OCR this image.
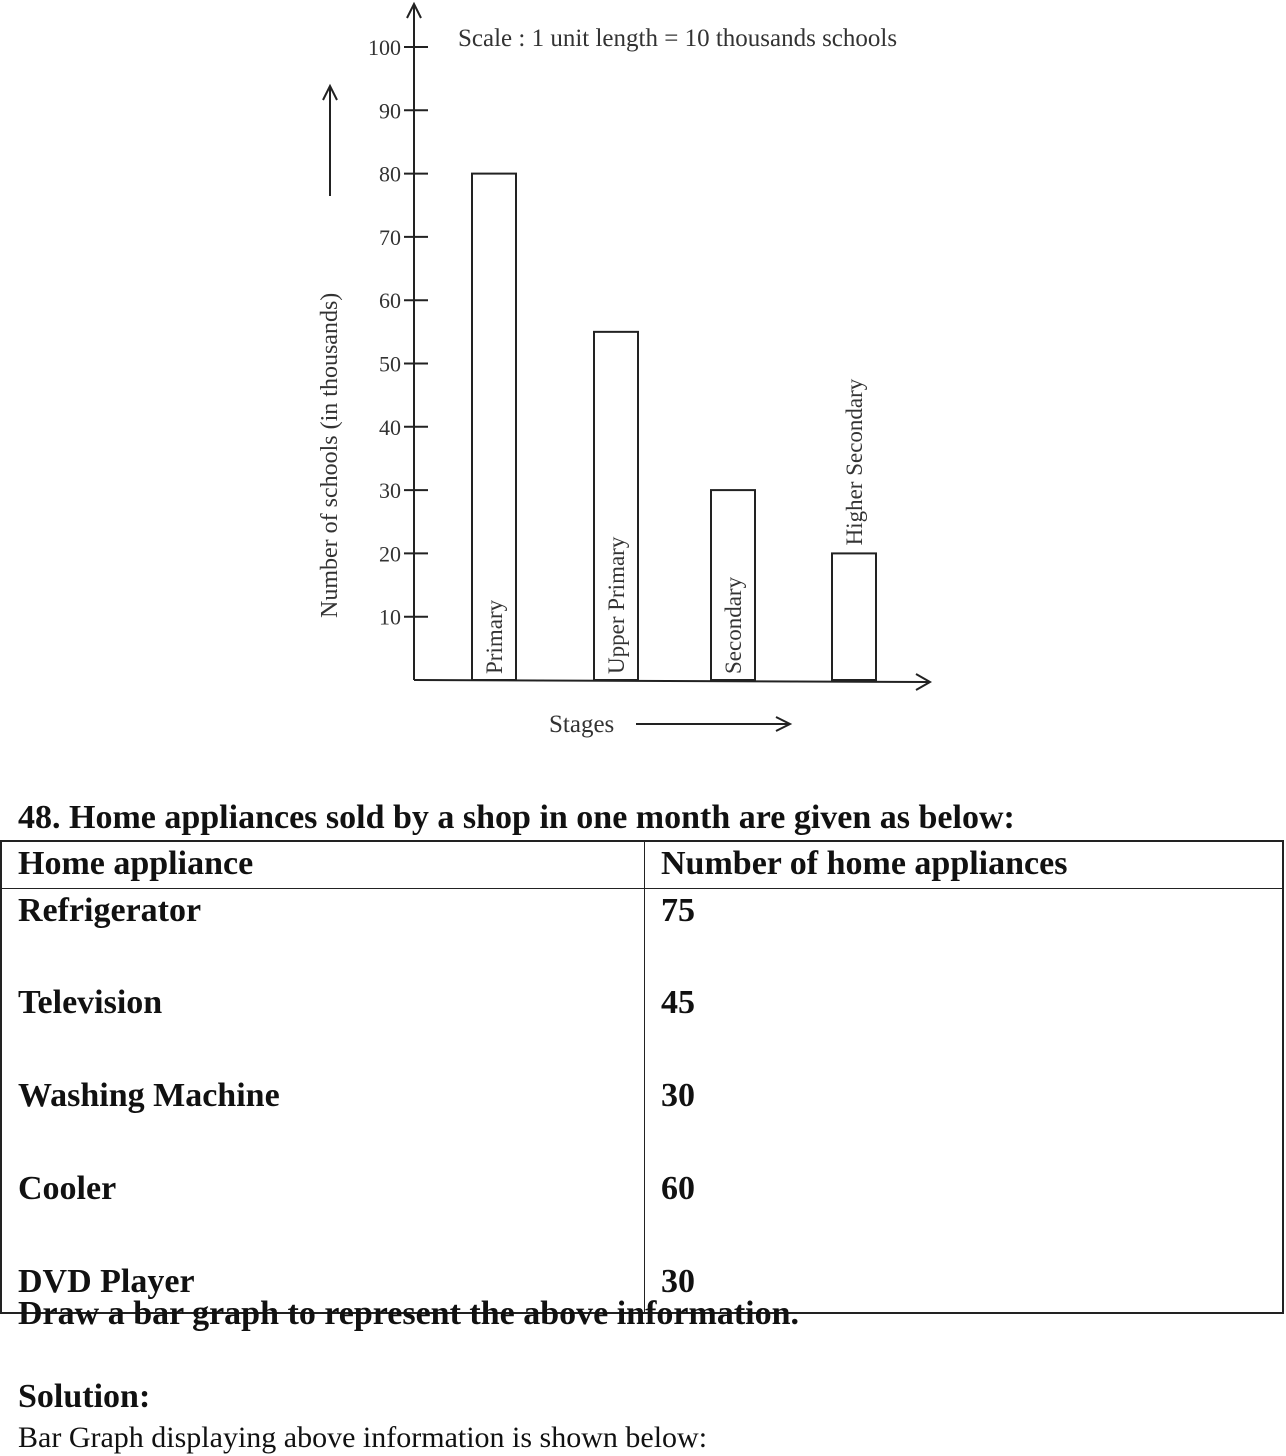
10
20
30
40
50
60
70
80
90
100
Primary	Upper Primary	Secondary
Higher Secondary
Scale : 1 unit length = 10 thousands schools
Number of schools (in thousands)
Stages
48. Home appliances sold by a shop in one month are given as below:
Home appliance	Number of home appliances
Refrigerator	75
Television	45
Washing Machine	30
Cooler	60
DVD Player	30
Draw a bar graph to represent the above information.
Solution:
Bar Graph displaying above information is shown below:
